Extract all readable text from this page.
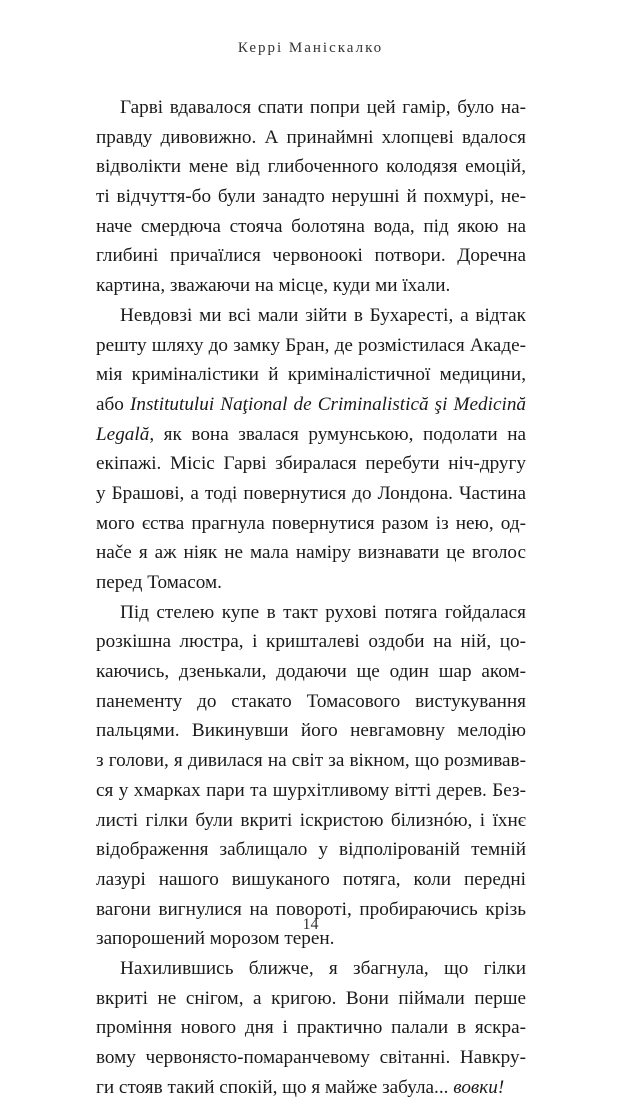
Керрі Маніскалко
Гарві вдавалося спати попри цей гамір, було на-
правду дивовижно. А принаймні хлопцеві вдалося
відволікти мене від глибоченного колодязя емоцій,
ті відчуття-бо були занадто нерушні й похмурі, не-
наче смердюча стояча болотяна вода, під якою на
глибині причаїлися червоноокі потвори. Доречна
картина, зважаючи на місце, куди ми їхали.
Невдовзі ми всі мали зійти в Бухаресті, а відтак
решту шляху до замку Бран, де розмістилася Акаде-
мія криміналістики й криміналістичної медицини,
або Institutului Naţional de Criminalistică şi Medicină
Legală, як вона звалася румунською, подолати на
екіпажі. Місіс Гарві збиралася перебути ніч-другу
у Брашові, а тоді повернутися до Лондона. Частина
мого єства прагнула повернутися разом із нею, од-
нače я аж ніяк не мала наміру визнавати це вголос
перед Томасом.
Під стелею купе в такт рухові потяга гойдалася
розкішна люстра, і кришталеві оздоби на ній, цо-
каючись, дзенькали, додаючи ще один шар аком-
панементу до стакато Томасового вистукування
пальцями. Викинувши його невгамовну мелодію
з голови, я дивилася на світ за вікном, що розмивав-
ся у хмарках пари та шурхітливому вітті дерев. Без-
листі гілки були вкриті іскристою білизнóю, і їхнє
відображення заблищало у відполірованій темній
лазурі нашого вишуканого потяга, коли передні
вагони вигнулися на повороті, пробираючись крізь
запорошений морозом терен.
Нахилившись ближче, я збагнула, що гілки
вкриті не снігом, а кригою. Вони піймали перше
проміння нового дня і практично палали в яскра-
вому червонясто-помаранчевому світанні. Навкру-
ги стояв такий спокій, що я майже забула... вовки!
14
